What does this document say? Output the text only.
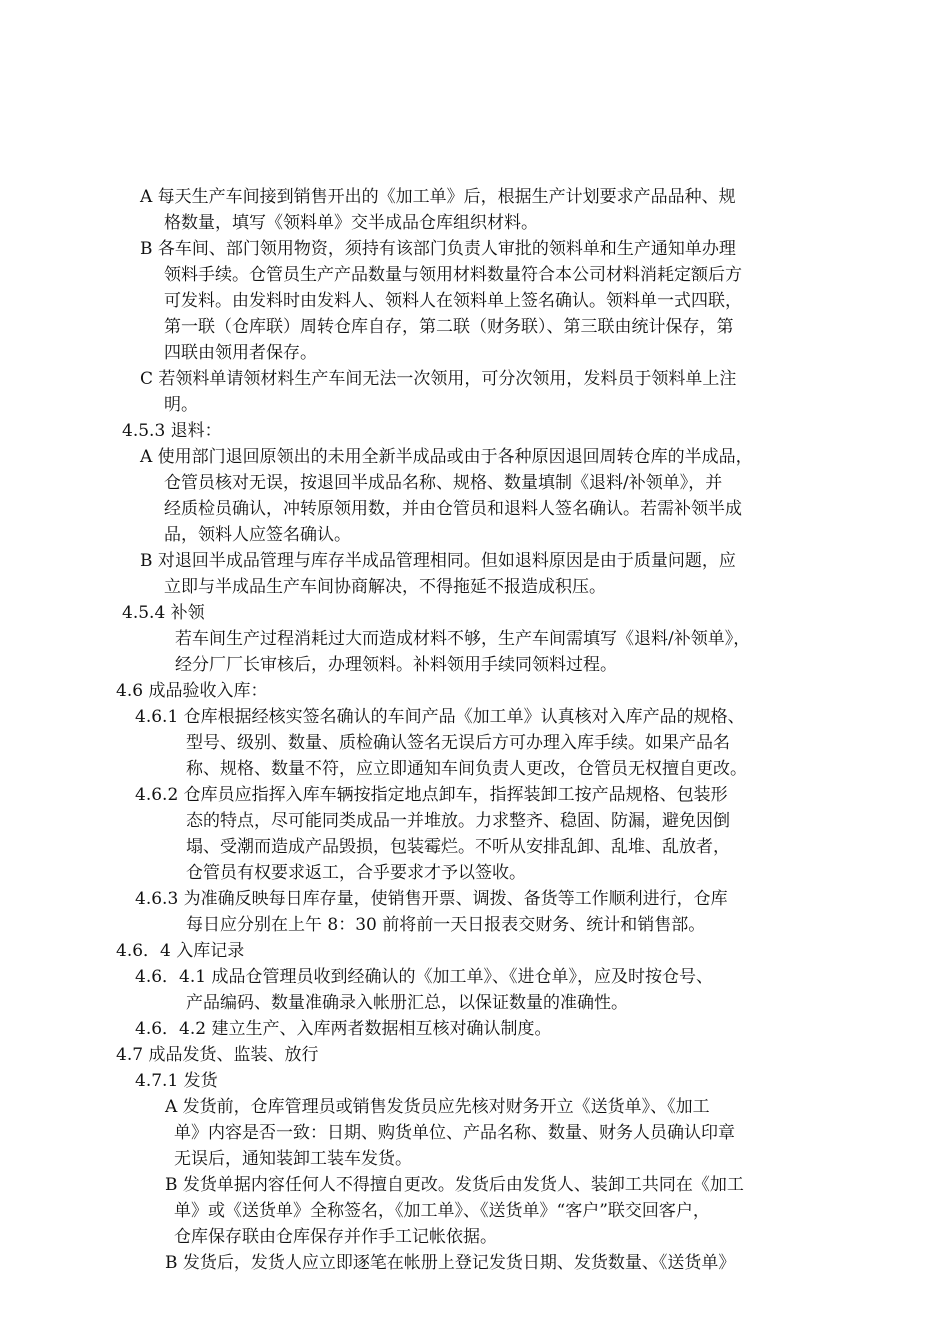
A 每天生产车间接到销售开出的《加工单》后，根据生产计划要求产品品种、规

格数量，填写《领料单》交半成品仓库组织材料。

B 各车间、部门领用物资，须持有该部门负责人审批的领料单和生产通知单办理

领料手续。仓管员生产产品数量与领用材料数量符合本公司材料消耗定额后方

可发料。由发料时由发料人、领料人在领料单上签名确认。领料单一式四联，

第一联（仓库联）周转仓库自存，第二联（财务联）、第三联由统计保存，第

四联由领用者保存。

C 若领料单请领材料生产车间无法一次领用，可分次领用，发料员于领料单上注

明。

4.5.3 退料：

A 使用部门退回原领出的未用全新半成品或由于各种原因退回周转仓库的半成品，

仓管员核对无误，按退回半成品名称、规格、数量填制《退料/补领单》，并

经质检员确认，冲转原领用数，并由仓管员和退料人签名确认。若需补领半成

品，领料人应签名确认。

B 对退回半成品管理与库存半成品管理相同。但如退料原因是由于质量问题，应

立即与半成品生产车间协商解决，不得拖延不报造成积压。

4.5.4 补领

若车间生产过程消耗过大而造成材料不够，生产车间需填写《退料/补领单》，

经分厂厂长审核后，办理领料。补料领用手续同领料过程。

4.6 成品验收入库：

4.6.1 仓库根据经核实签名确认的车间产品《加工单》认真核对入库产品的规格、

型号、级别、数量、质检确认签名无误后方可办理入库手续。如果产品名

称、规格、数量不符，应立即通知车间负责人更改，仓管员无权擅自更改。

4.6.2 仓库员应指挥入库车辆按指定地点卸车，指挥装卸工按产品规格、包装形

态的特点，尽可能同类成品一并堆放。力求整齐、稳固、防漏，避免因倒

塌、受潮而造成产品毁损，包装霉烂。不听从安排乱卸、乱堆、乱放者，

仓管员有权要求返工，合乎要求才予以签收。

4.6.3 为准确反映每日库存量，使销售开票、调拨、备货等工作顺利进行，仓库

每日应分别在上午 8：30 前将前一天日报表交财务、统计和销售部。

4.6．4 入库记录

4.6．4.1 成品仓管理员收到经确认的《加工单》、《进仓单》，应及时按仓号、

产品编码、数量准确录入帐册汇总，以保证数量的准确性。

4.6．4.2 建立生产、入库两者数据相互核对确认制度。

4.7 成品发货、监装、放行

4.7.1 发货

A 发货前，仓库管理员或销售发货员应先核对财务开立《送货单》、《加工

单》内容是否一致：日期、购货单位、产品名称、数量、财务人员确认印章

无误后，通知装卸工装车发货。

B 发货单据内容任何人不得擅自更改。发货后由发货人、装卸工共同在《加工

单》或《送货单》全称签名，《加工单》、《送货单》“客户”联交回客户，

仓库保存联由仓库保存并作手工记帐依据。

B 发货后，发货人应立即逐笔在帐册上登记发货日期、发货数量、《送货单》
